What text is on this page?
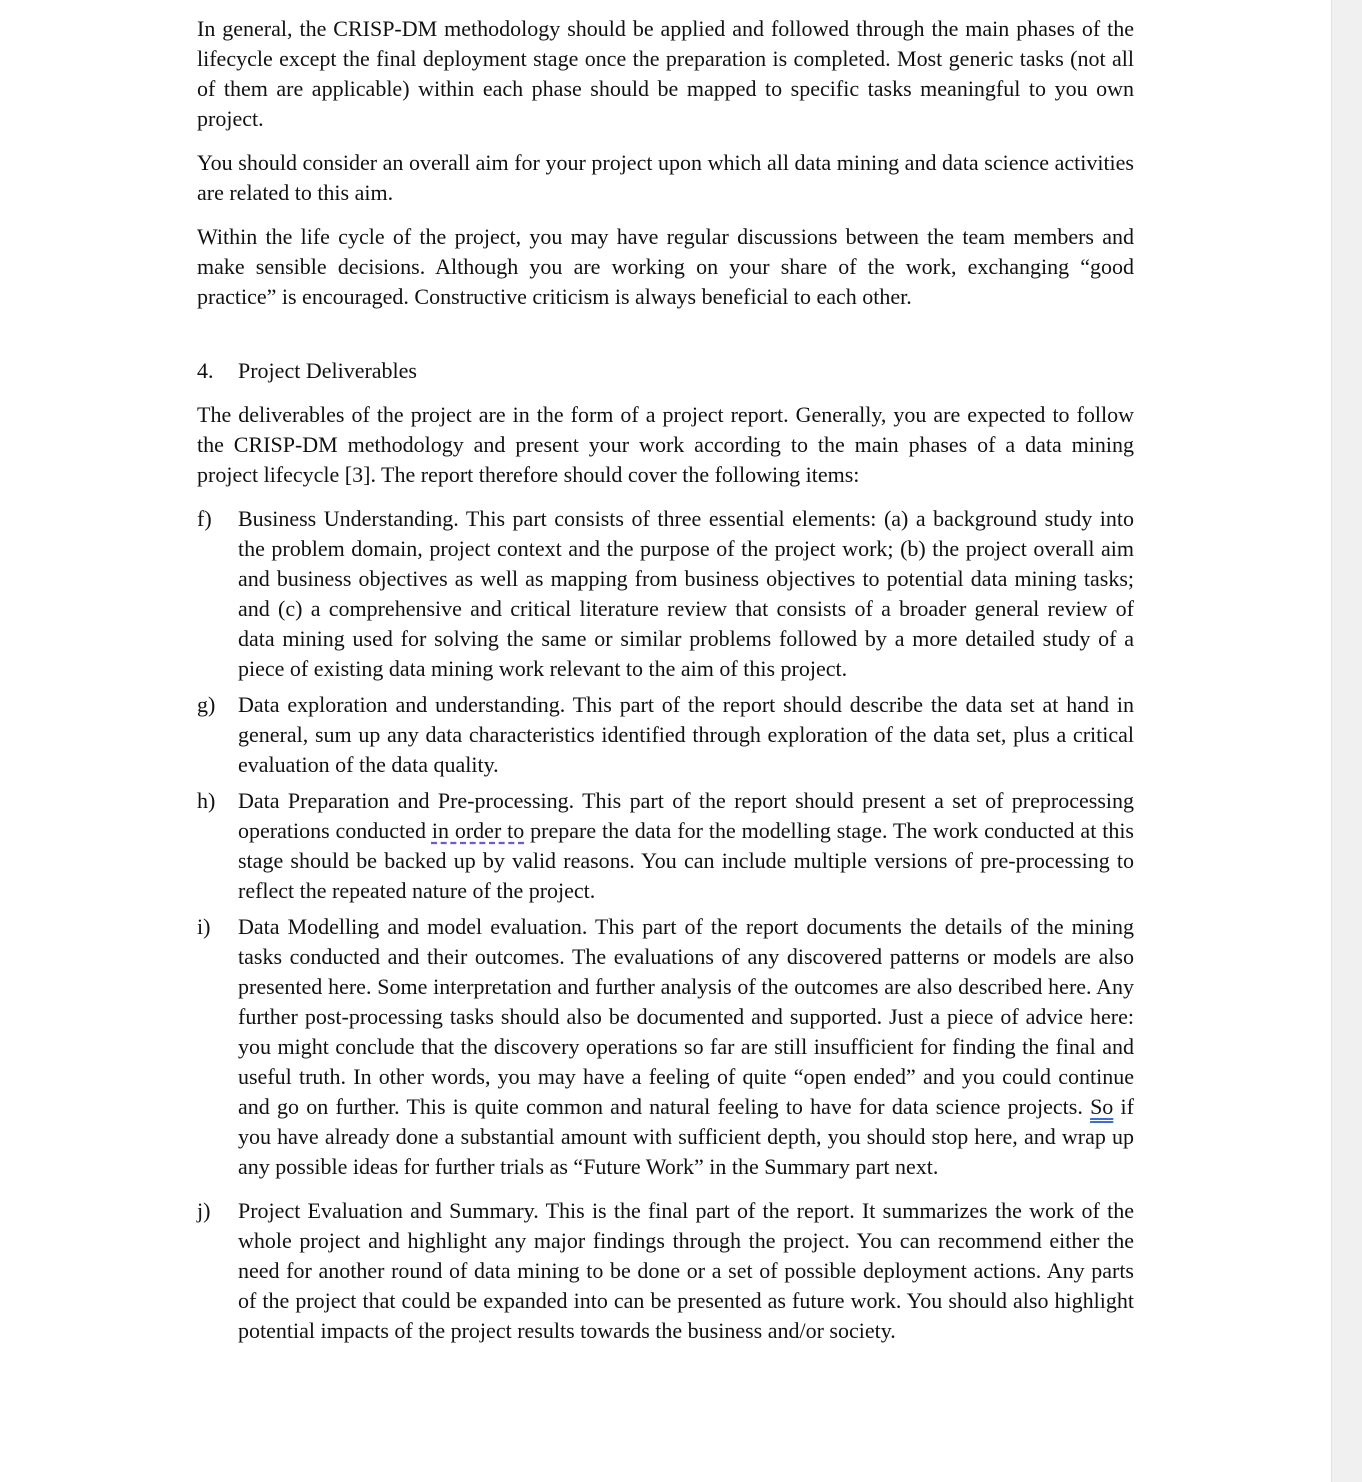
In general, the CRISP-DM methodology should be applied and followed through the main phases of the lifecycle except the final deployment stage once the preparation is completed. Most generic tasks (not all of them are applicable) within each phase should be mapped to specific tasks meaningful to you own project.

You should consider an overall aim for your project upon which all data mining and data science activities are related to this aim.

Within the life cycle of the project, you may have regular discussions between the team members and make sensible decisions. Although you are working on your share of the work, exchanging “good practice” is encouraged. Constructive criticism is always beneficial to each other.

4.	Project Deliverables

The deliverables of the project are in the form of a project report. Generally, you are expected to follow the CRISP-DM methodology and present your work according to the main phases of a data mining project lifecycle [3]. The report therefore should cover the following items:

f)	Business Understanding. This part consists of three essential elements: (a) a background study into the problem domain, project context and the purpose of the project work; (b) the project overall aim and business objectives as well as mapping from business objectives to potential data mining tasks; and (c) a comprehensive and critical literature review that consists of a broader general review of data mining used for solving the same or similar problems followed by a more detailed study of a piece of existing data mining work relevant to the aim of this project.
g)	Data exploration and understanding. This part of the report should describe the data set at hand in general, sum up any data characteristics identified through exploration of the data set, plus a critical evaluation of the data quality.
h)	Data Preparation and Pre-processing. This part of the report should present a set of preprocessing operations conducted in order to prepare the data for the modelling stage. The work conducted at this stage should be backed up by valid reasons. You can include multiple versions of pre-processing to reflect the repeated nature of the project.
i)	Data Modelling and model evaluation. This part of the report documents the details of the mining tasks conducted and their outcomes. The evaluations of any discovered patterns or models are also presented here. Some interpretation and further analysis of the outcomes are also described here. Any further post-processing tasks should also be documented and supported. Just a piece of advice here: you might conclude that the discovery operations so far are still insufficient for finding the final and useful truth. In other words, you may have a feeling of quite “open ended” and you could continue and go on further. This is quite common and natural feeling to have for data science projects. So if you have already done a substantial amount with sufficient depth, you should stop here, and wrap up any possible ideas for further trials as “Future Work” in the Summary part next.
j)	Project Evaluation and Summary. This is the final part of the report. It summarizes the work of the whole project and highlight any major findings through the project. You can recommend either the need for another round of data mining to be done or a set of possible deployment actions. Any parts of the project that could be expanded into can be presented as future work. You should also highlight potential impacts of the project results towards the business and/or society.
